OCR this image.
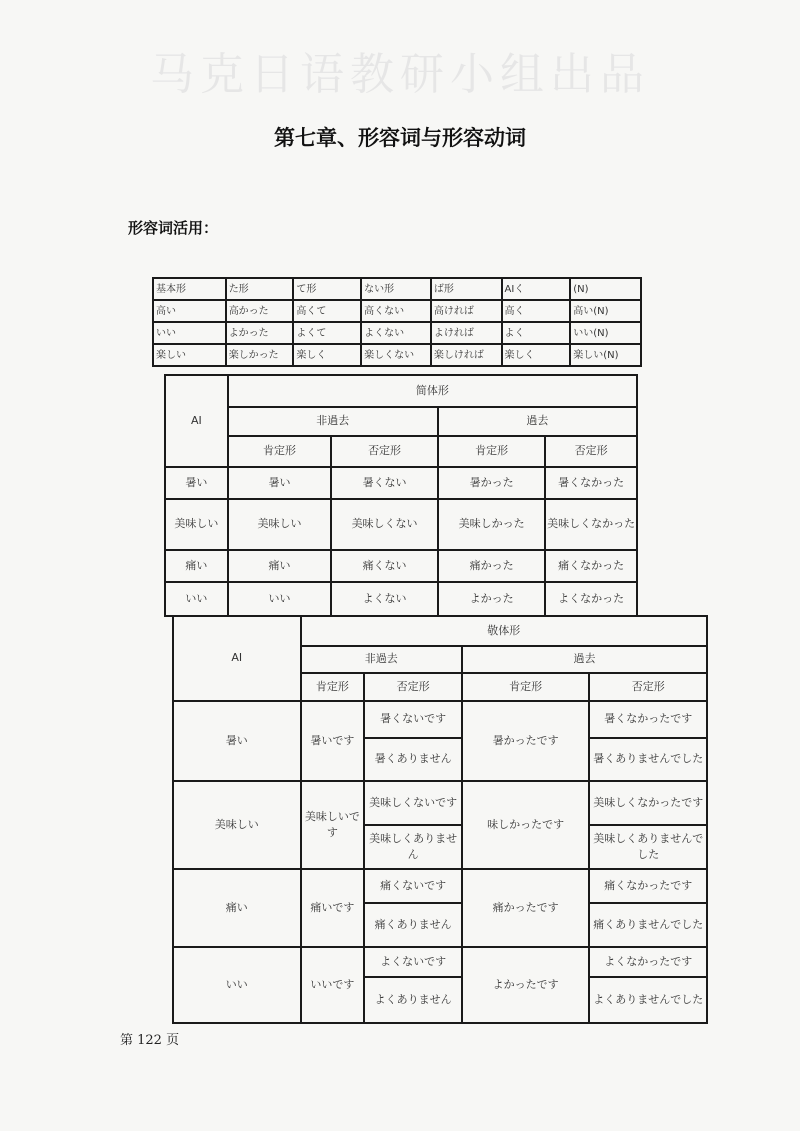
马克日语教研小组出品
第七章、形容词与形容动词
形容词活用：
基本形	た形	て形	ない形	ば形	AIく	(N)
高い	高かった	高くて	高くない	高ければ	高く	高い(N)
いい	よかった	よくて	よくない	よければ	よく	いい(N)
楽しい	楽しかった	楽しく	楽しくない	楽しければ	楽しく	楽しい(N)
AI	简体形			
	非過去		過去	
	肯定形	否定形	肯定形	否定形
暑い	暑い	暑くない	暑かった	暑くなかった
美味しい	美味しい	美味しくない	美味しかった	美味しくなかった
痛い	痛い	痛くない	痛かった	痛くなかった
いい	いい	よくない	よかった	よくなかった
AI	敬体形			
	非過去		過去	
	肯定形	否定形	肯定形	否定形
暑い	暑いです	暑くないです	暑かったです	暑くなかったです
		暑くありません		暑くありませんでした
美味しい	美味しいです	美味しくないです	味しかったです	美味しくなかったです
		美味しくありません		美味しくありませんでした
痛い	痛いです	痛くないです	痛かったです	痛くなかったです
		痛くありません		痛くありませんでした
いい	いいです	よくないです	よかったです	よくなかったです
		よくありません		よくありませんでした
第 122 页
